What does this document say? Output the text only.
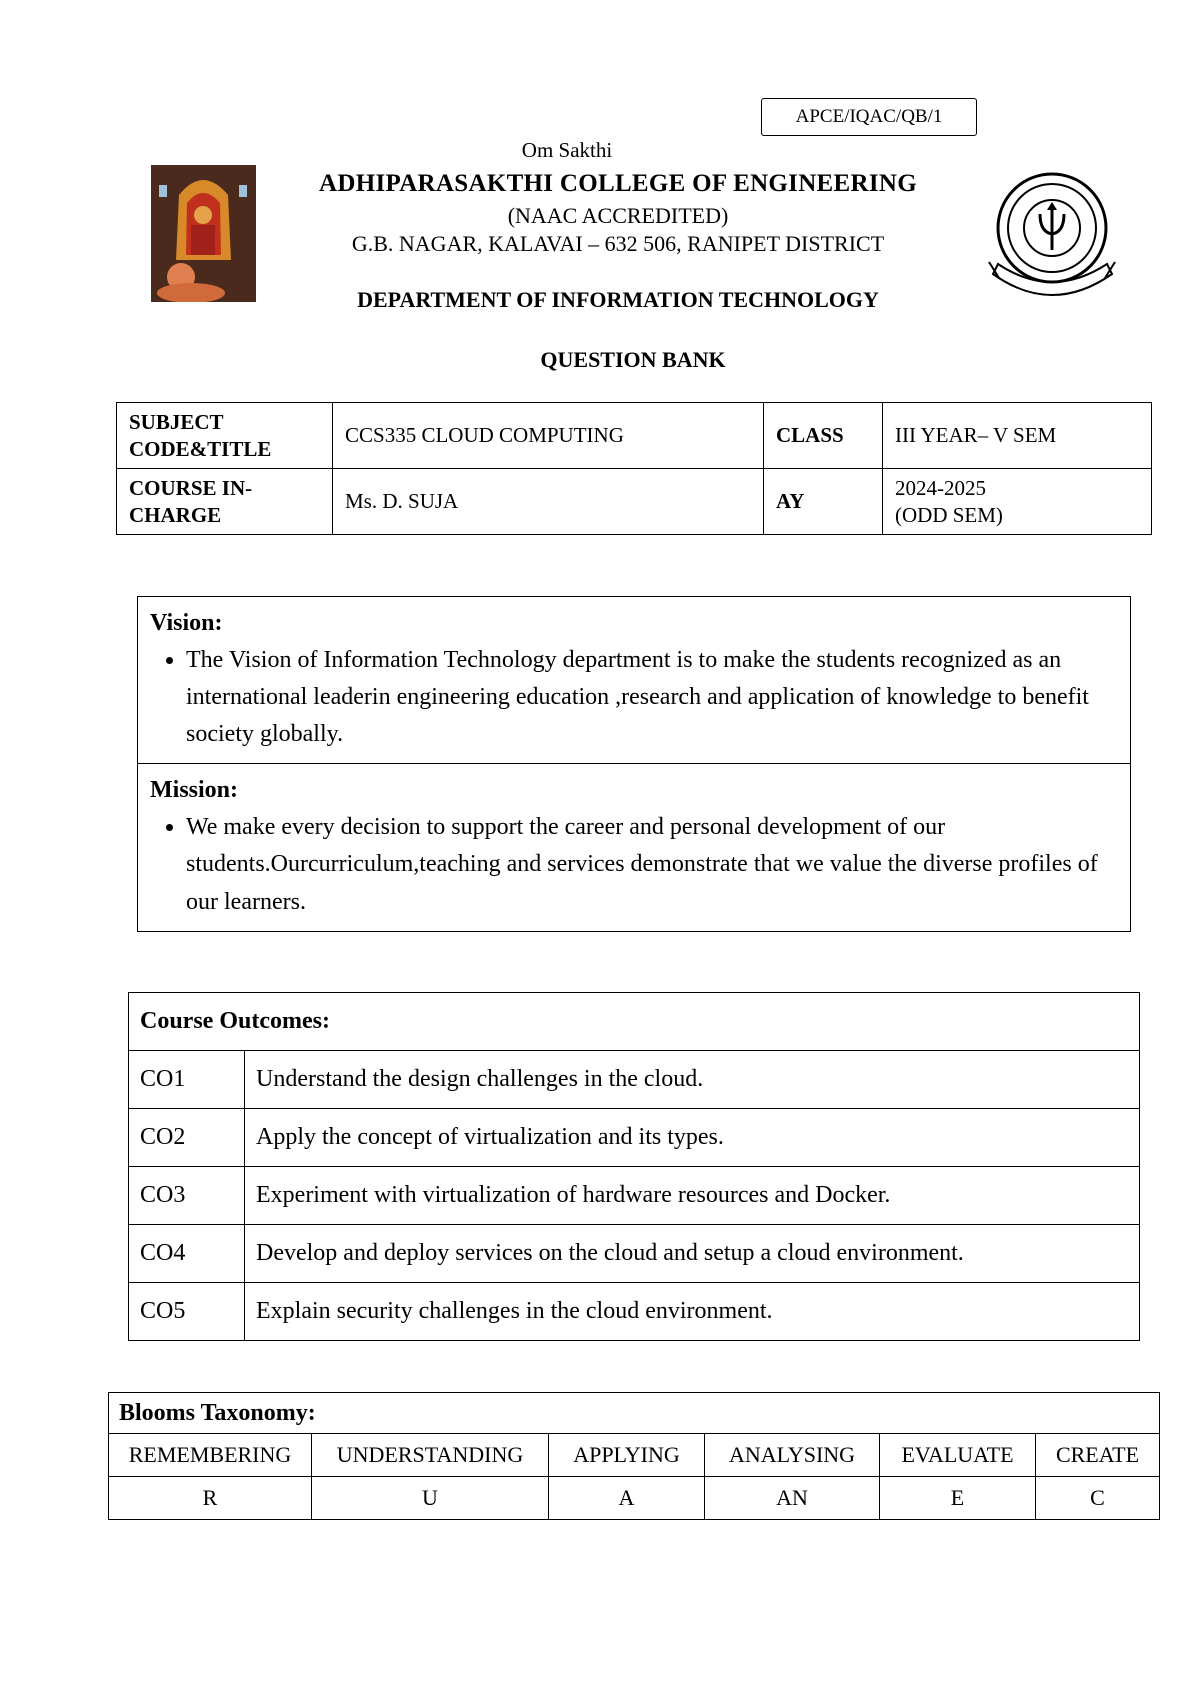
APCE/IQAC/QB/1
Om Sakthi
ADHIPARASAKTHI COLLEGE OF ENGINEERING
(NAAC ACCREDITED)
G.B. NAGAR, KALAVAI – 632 506, RANIPET DISTRICT
DEPARTMENT OF INFORMATION TECHNOLOGY
QUESTION BANK
SUBJECT
CODE&TITLE	CCS335 CLOUD COMPUTING	CLASS	III YEAR– V SEM
COURSE IN-
CHARGE	Ms. D. SUJA	AY	2024-2025
(ODD SEM)
Vision:
• The Vision of Information Technology department is to make the students recognized as an international leaderin engineering education ,research and application of knowledge to benefit society globally.

Mission:
• We make every decision to support the career and personal development of our students.Ourcurriculum,teaching and services demonstrate that we value the diverse profiles of our learners.
Course Outcomes:	
CO1	Understand the design challenges in the cloud.
CO2	Apply the concept of virtualization and its types.
CO3	Experiment with virtualization of hardware resources and Docker.
CO4	Develop and deploy services on the cloud and setup a cloud environment.
CO5	Explain security challenges in the cloud environment.
Blooms Taxonomy:					
REMEMBERING	UNDERSTANDING	APPLYING	ANALYSING	EVALUATE	CREATE
R	U	A	AN	E	C
